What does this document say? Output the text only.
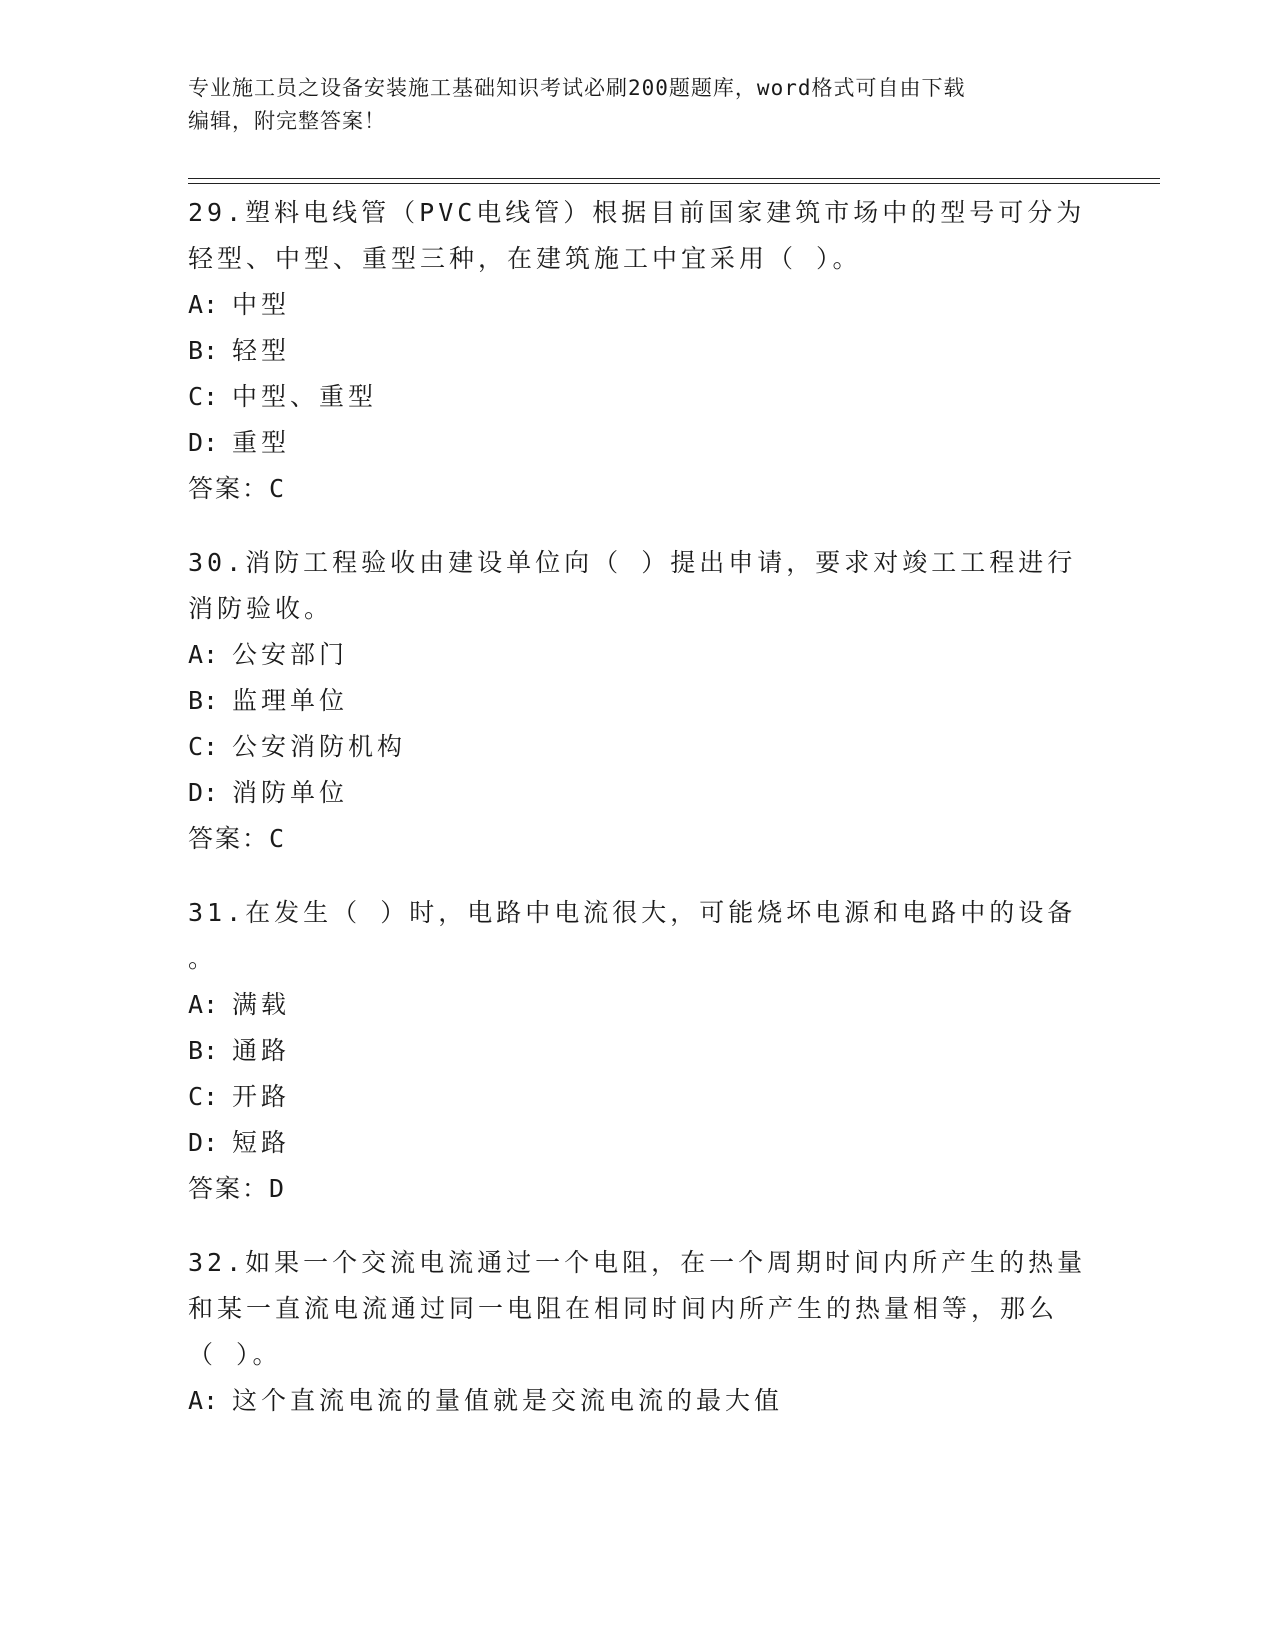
专业施工员之设备安装施工基础知识考试必刷200题题库，word格式可自由下载
编辑，附完整答案！
29.塑料电线管（PVC电线管）根据目前国家建筑市场中的型号可分为
轻型、中型、重型三种，在建筑施工中宜采用（ ）。
A: 中型
B: 轻型
C: 中型、重型
D: 重型
答案：C
30.消防工程验收由建设单位向（ ）提出申请，要求对竣工工程进行
消防验收。
A: 公安部门
B: 监理单位
C: 公安消防机构
D: 消防单位
答案：C
31.在发生（ ）时，电路中电流很大，可能烧坏电源和电路中的设备
。
A: 满载
B: 通路
C: 开路
D: 短路
答案：D
32.如果一个交流电流通过一个电阻，在一个周期时间内所产生的热量
和某一直流电流通过同一电阻在相同时间内所产生的热量相等，那么
（ ）。
A: 这个直流电流的量值就是交流电流的最大值
